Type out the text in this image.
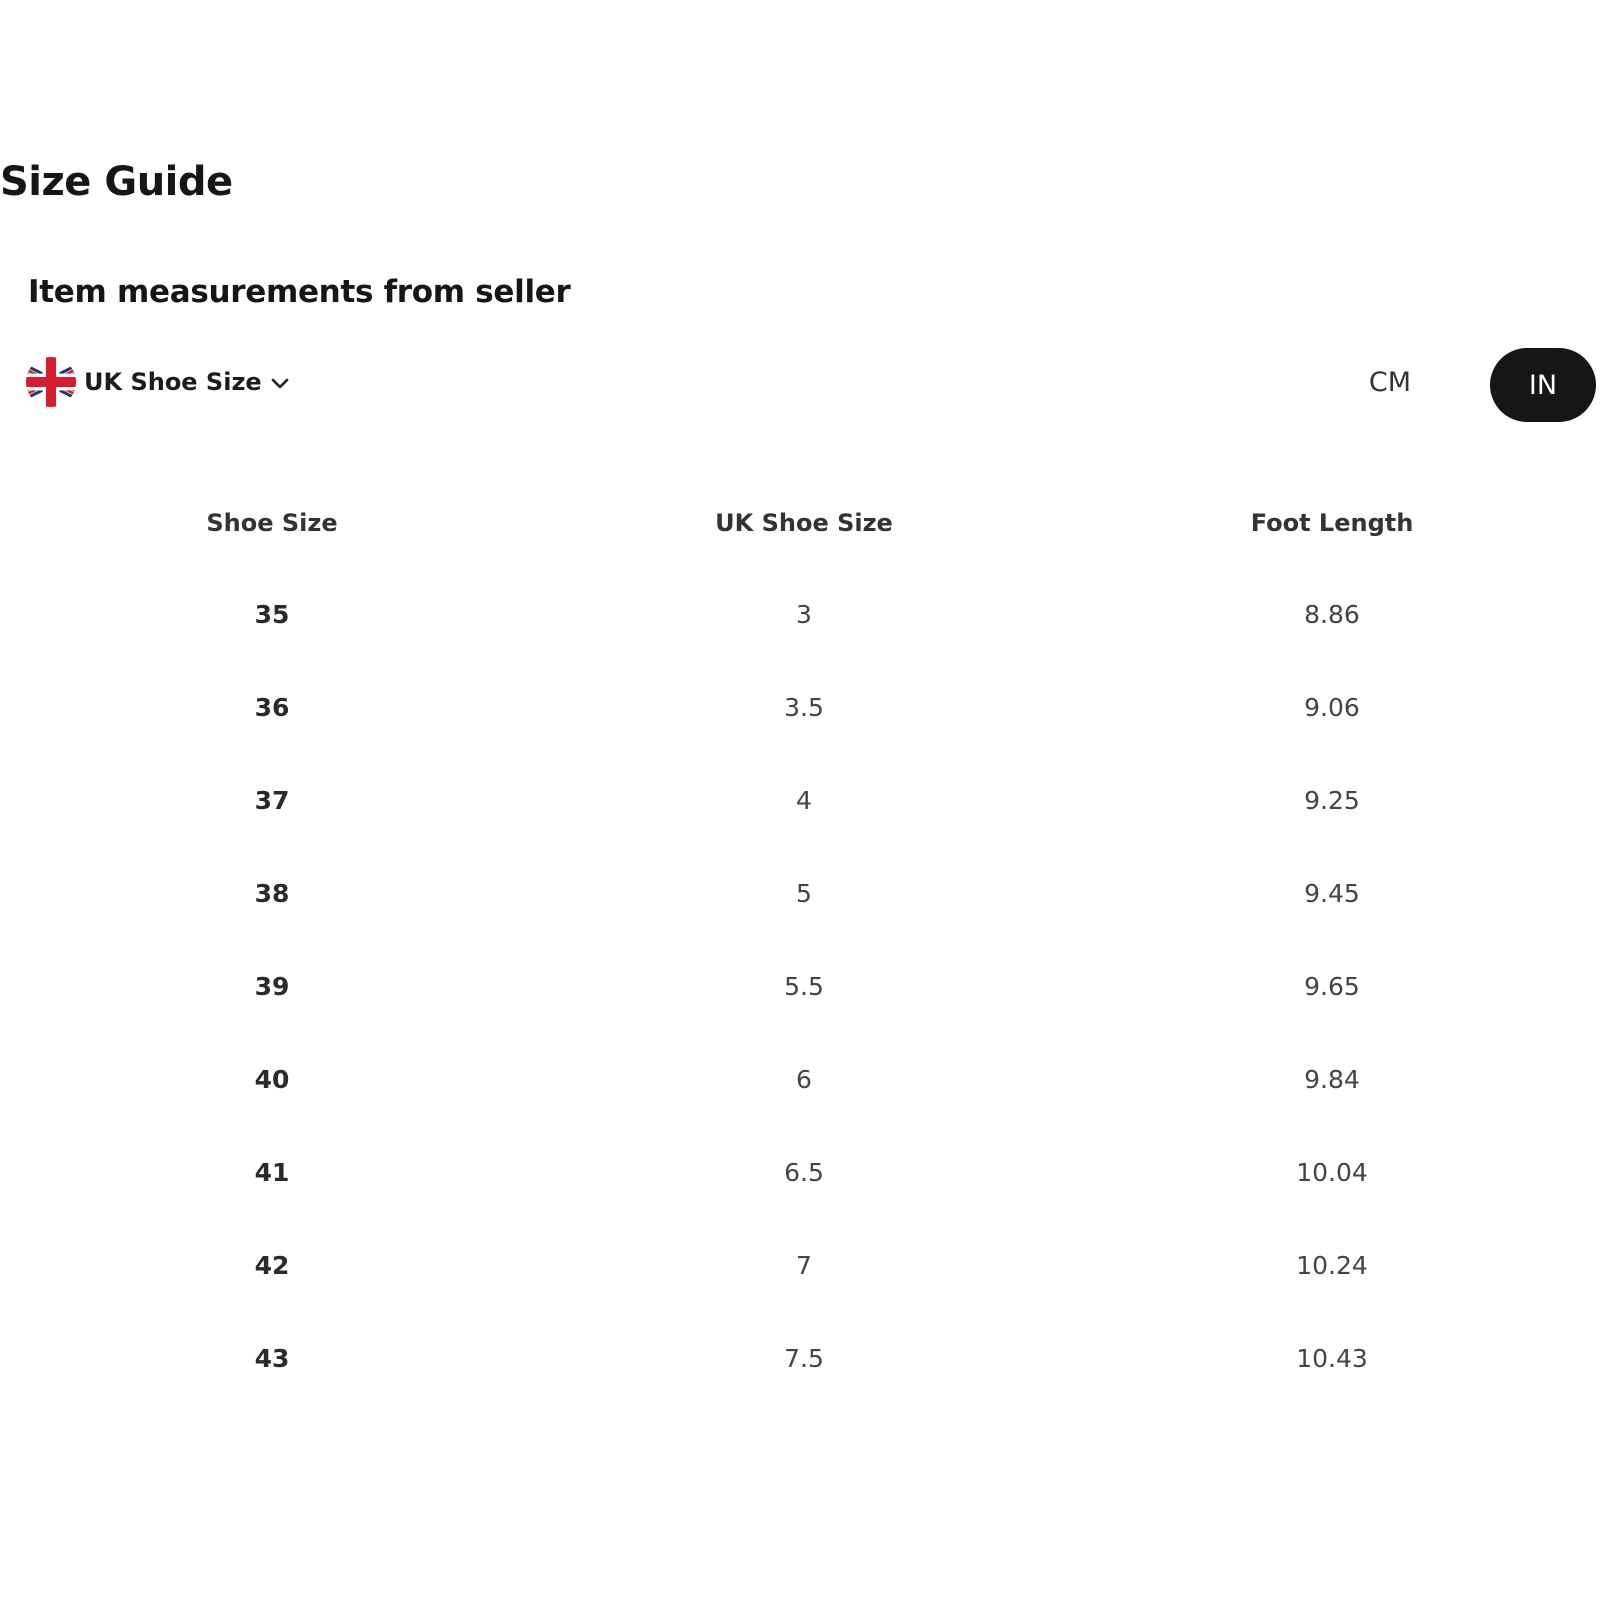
Size Guide
Item measurements from seller
UK Shoe Size	CM	IN
Shoe Size	UK Shoe Size	Foot Length
35	3	8.86
36	3.5	9.06
37	4	9.25
38	5	9.45
39	5.5	9.65
40	6	9.84
41	6.5	10.04
42	7	10.24
43	7.5	10.43
